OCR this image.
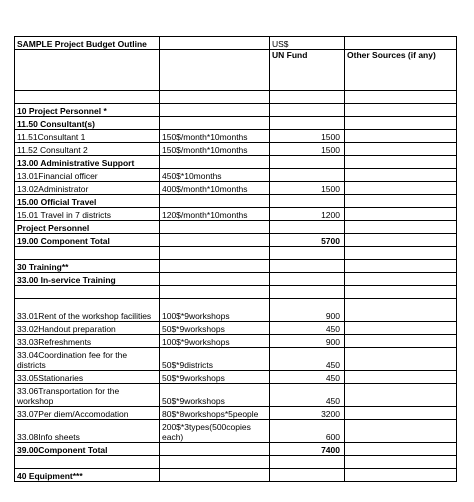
SAMPLE Project Budget Outline		US$	
		UN Fund	Other Sources (if any)

10 Project Personnel *			
11.50 Consultant(s)			
11.51Consultant 1	150$/month*10months	1500	
11.52 Consultant 2	150$/month*10months	1500	
13.00 Administrative Support			
13.01Financial officer	450$*10months		
13.02Administrator	400$/month*10months	1500	
15.00 Official Travel			
15.01 Travel in 7 districts	120$/month*10months	1200	
Project Personnel			
19.00 Component Total		5700	

30 Training**			
33.00 In-service Training			

33.01Rent of the workshop facilities	100$*9workshops	900	
33.02Handout preparation	50$*9workshops	450	
33.03Refreshments	100$*9workshops	900	
33.04Coordination fee for the districts	50$*9districts	450	
33.05Stationaries	50$*9workshops	450	
33.06Transportation for the workshop	50$*9workshops	450	
33.07Per diem/Accomodation	80$*8workshops*5people	3200	
33.08Info sheets	200$*3types(500copies each)	600	
39.00Component Total		7400	

40 Equipment***			
